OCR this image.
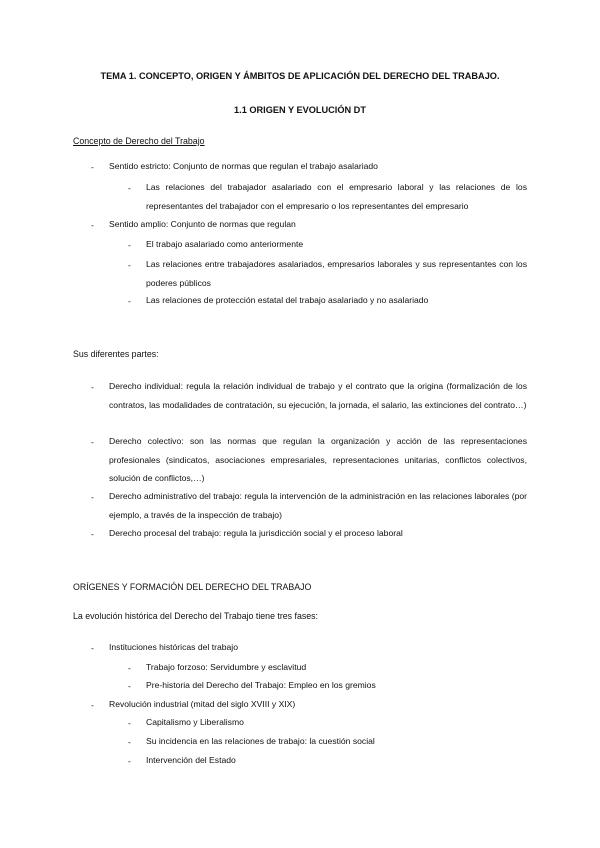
TEMA 1. CONCEPTO, ORIGEN Y ÁMBITOS DE APLICACIÓN DEL DERECHO DEL TRABAJO.
1.1 ORIGEN Y EVOLUCIÓN DT
Concepto de Derecho del Trabajo
- Sentido estricto: Conjunto de normas que regulan el trabajo asalariado
- Las relaciones del trabajador asalariado con el empresario laboral y las relaciones de los representantes del trabajador con el empresario o los representantes del empresario
- Sentido amplio: Conjunto de normas que regulan
- El trabajo asalariado como anteriormente
- Las relaciones entre trabajadores asalariados, empresarios laborales y sus representantes con los poderes públicos
- Las relaciones de protección estatal del trabajo asalariado y no asalariado
Sus diferentes partes:
- Derecho individual: regula la relación individual de trabajo y el contrato que la origina (formalización de los contratos, las modalidades de contratación, su ejecución, la jornada, el salario, las extinciones del contrato…)
- Derecho colectivo: son las normas que regulan la organización y acción de las representaciones profesionales (sindicatos, asociaciones empresariales, representaciones unitarias, conflictos colectivos, solución de conflictos,…)
- Derecho administrativo del trabajo: regula la intervención de la administración en las relaciones laborales (por ejemplo, a través de la inspección de trabajo)
- Derecho procesal del trabajo: regula la jurisdicción social y el proceso laboral
ORÍGENES Y FORMACIÓN DEL DERECHO DEL TRABAJO
La evolución histórica del Derecho del Trabajo tiene tres fases:
- Instituciones históricas del trabajo
- Trabajo forzoso: Servidumbre y esclavitud
- Pre-historia del Derecho del Trabajo: Empleo en los gremios
- Revolución industrial (mitad del siglo XVIII y XIX)
- Capitalismo y Liberalismo
- Su incidencia en las relaciones de trabajo: la cuestión social
- Intervención del Estado
